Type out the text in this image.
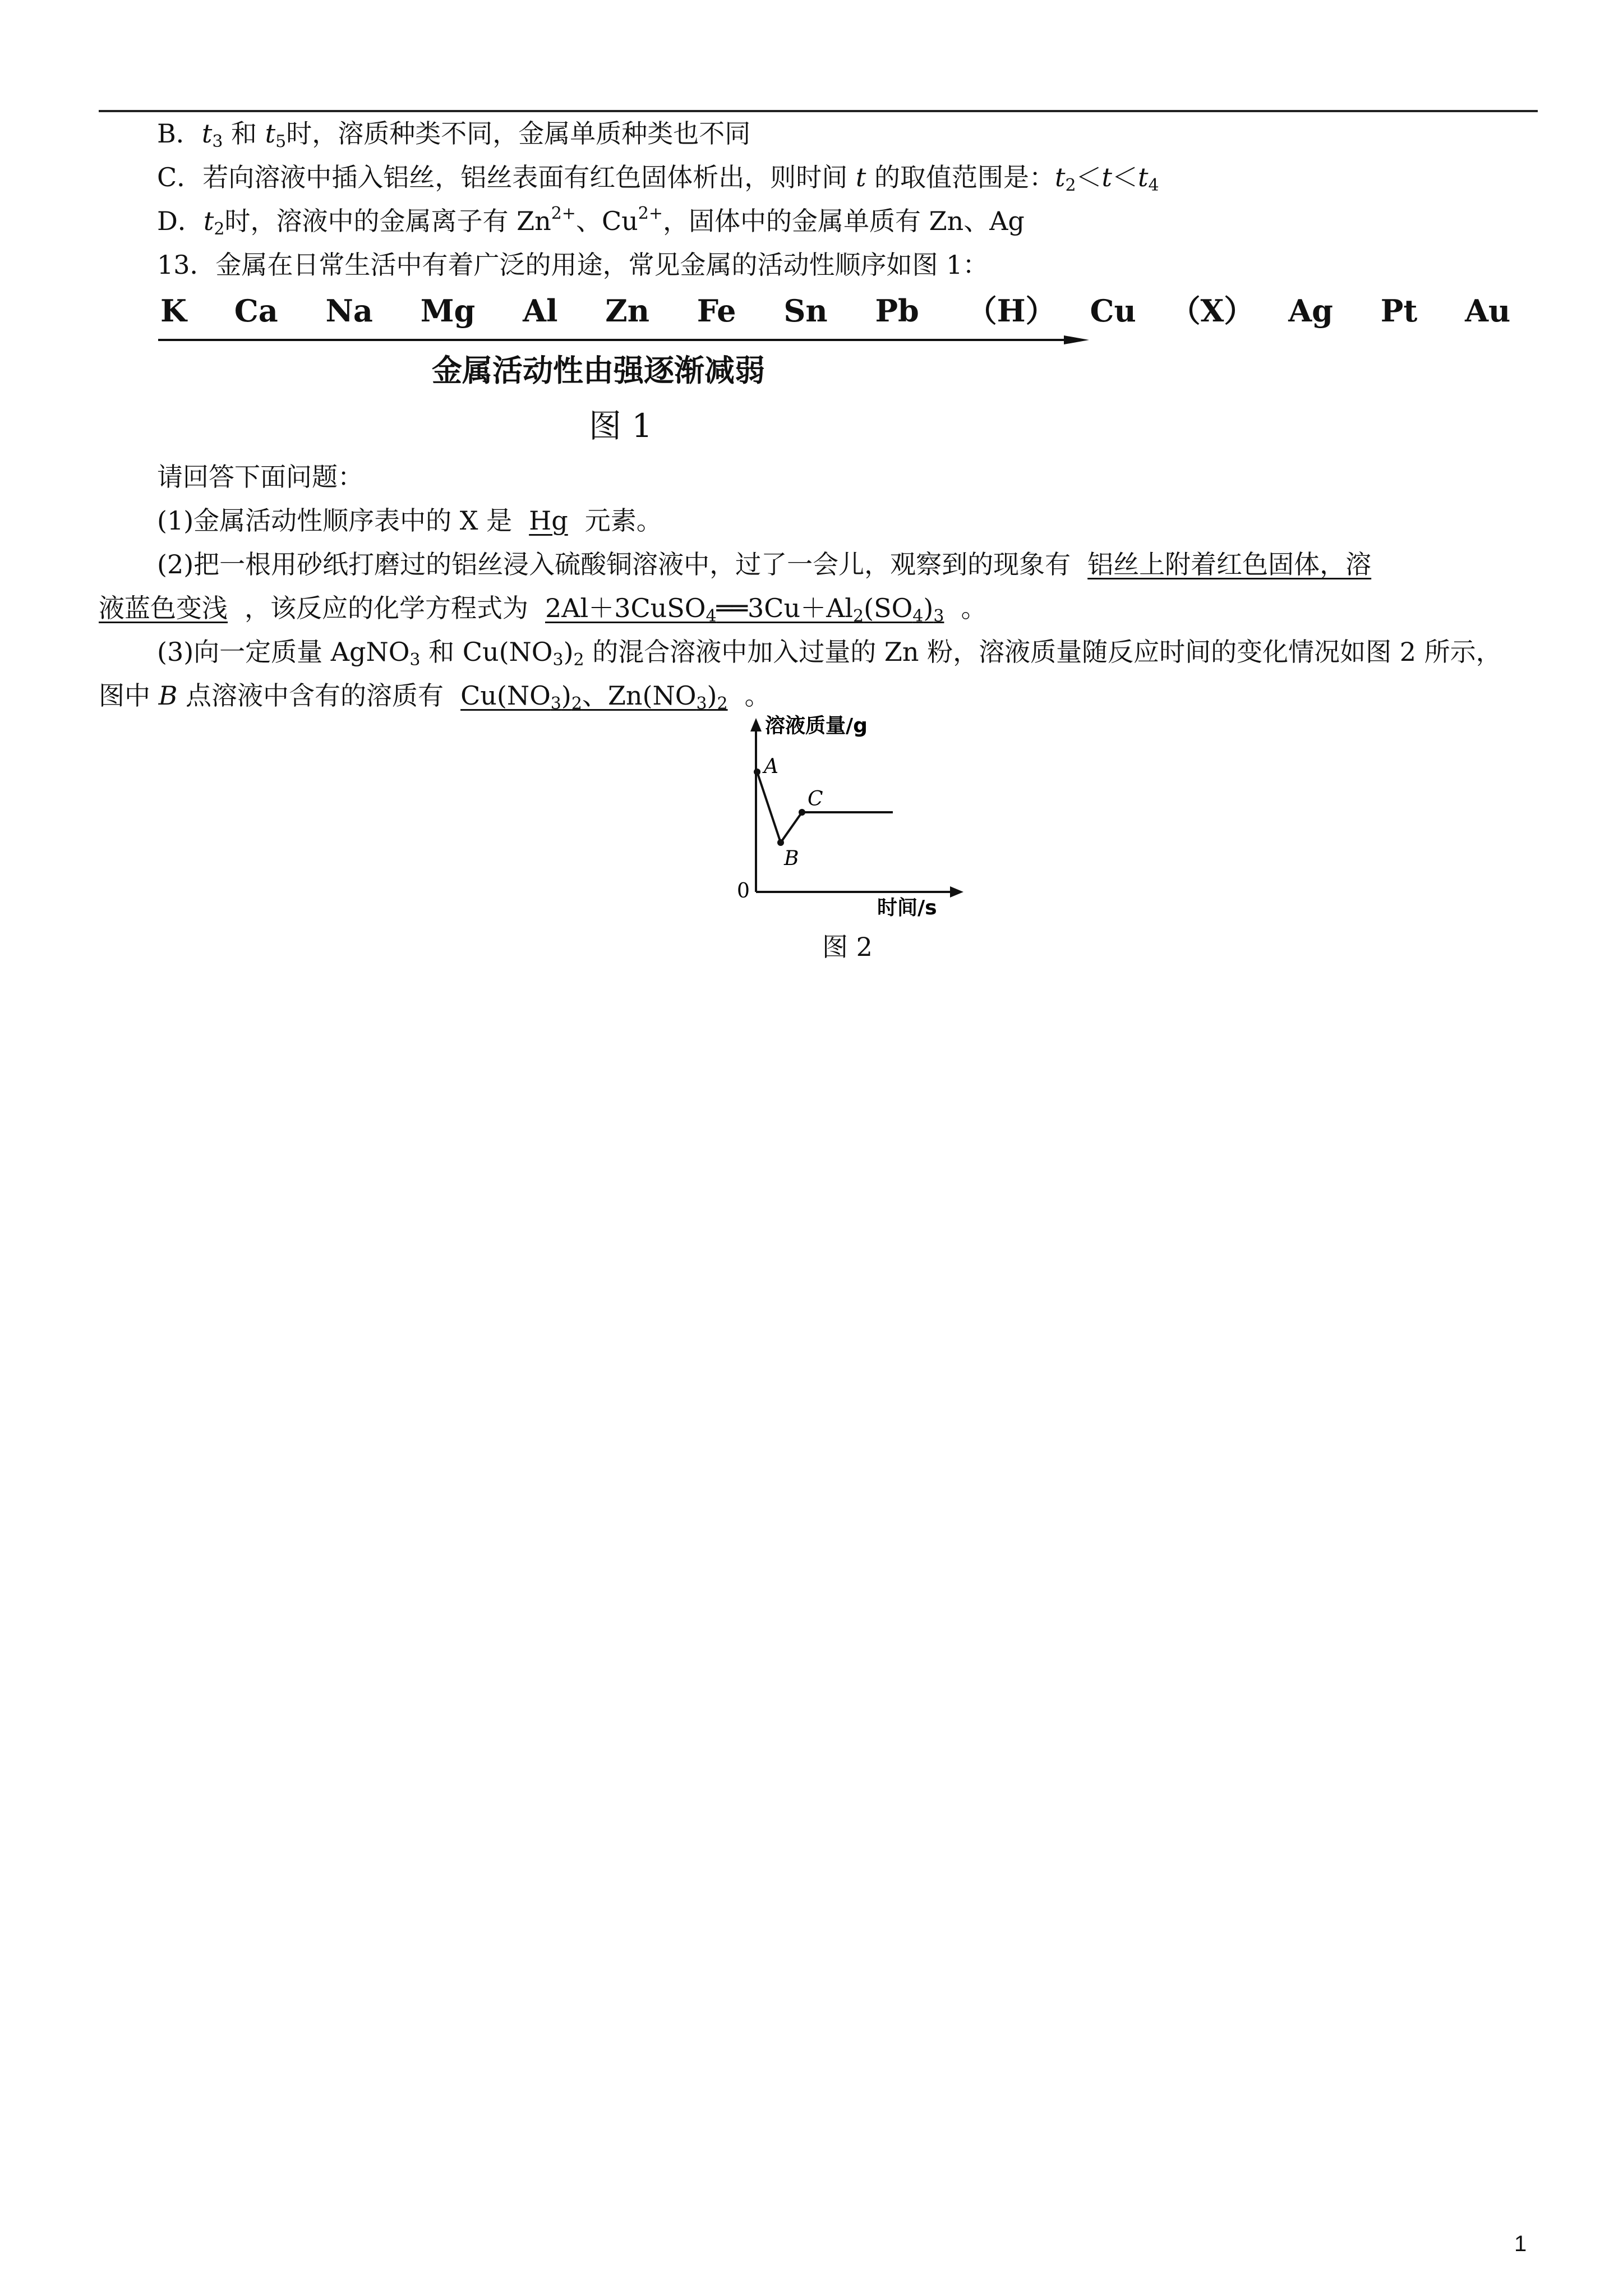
B．$t_3$ 和 $t_5$时，溶质种类不同，金属单质种类也不同
C．若向溶液中插入铝丝，铝丝表面有红色固体析出，则时间 t 的取值范围是：$t_2<t<t_4$
D．$t_2$时，溶液中的金属离子有 $Zn^{2+}$、$Cu^{2+}$，固体中的金属单质有 Zn、Ag
13．金属在日常生活中有着广泛的用途，常见金属的活动性顺序如图 1：
K Ca Na Mg Al Zn Fe Sn Pb （H） Cu （X） Ag Pt Au
金属活动性由强逐渐减弱
图 1
请回答下面问题：
(1)金属活动性顺序表中的 X 是 Hg 元素。
(2)把一根用砂纸打磨过的铝丝浸入硫酸铜溶液中，过了一会儿，观察到的现象有 铝丝上附着红色固体，溶
液蓝色变浅 ，该反应的化学方程式为 $2Al+3CuSO_4══3Cu+Al_2(SO_4)_3$ 。
(3)向一定质量 AgNO$_3$ 和 $Cu(NO_3)_2$ 的混合溶液中加入过量的 Zn 粉，溶液质量随反应时间的变化情况如图 2 所示，
图中 B 点溶液中含有的溶质有 $Cu(NO_3)_2$、$Zn(NO_3)_2$ 。
溶液质量/g
时间/s
0
A
B
C
图 2
1
